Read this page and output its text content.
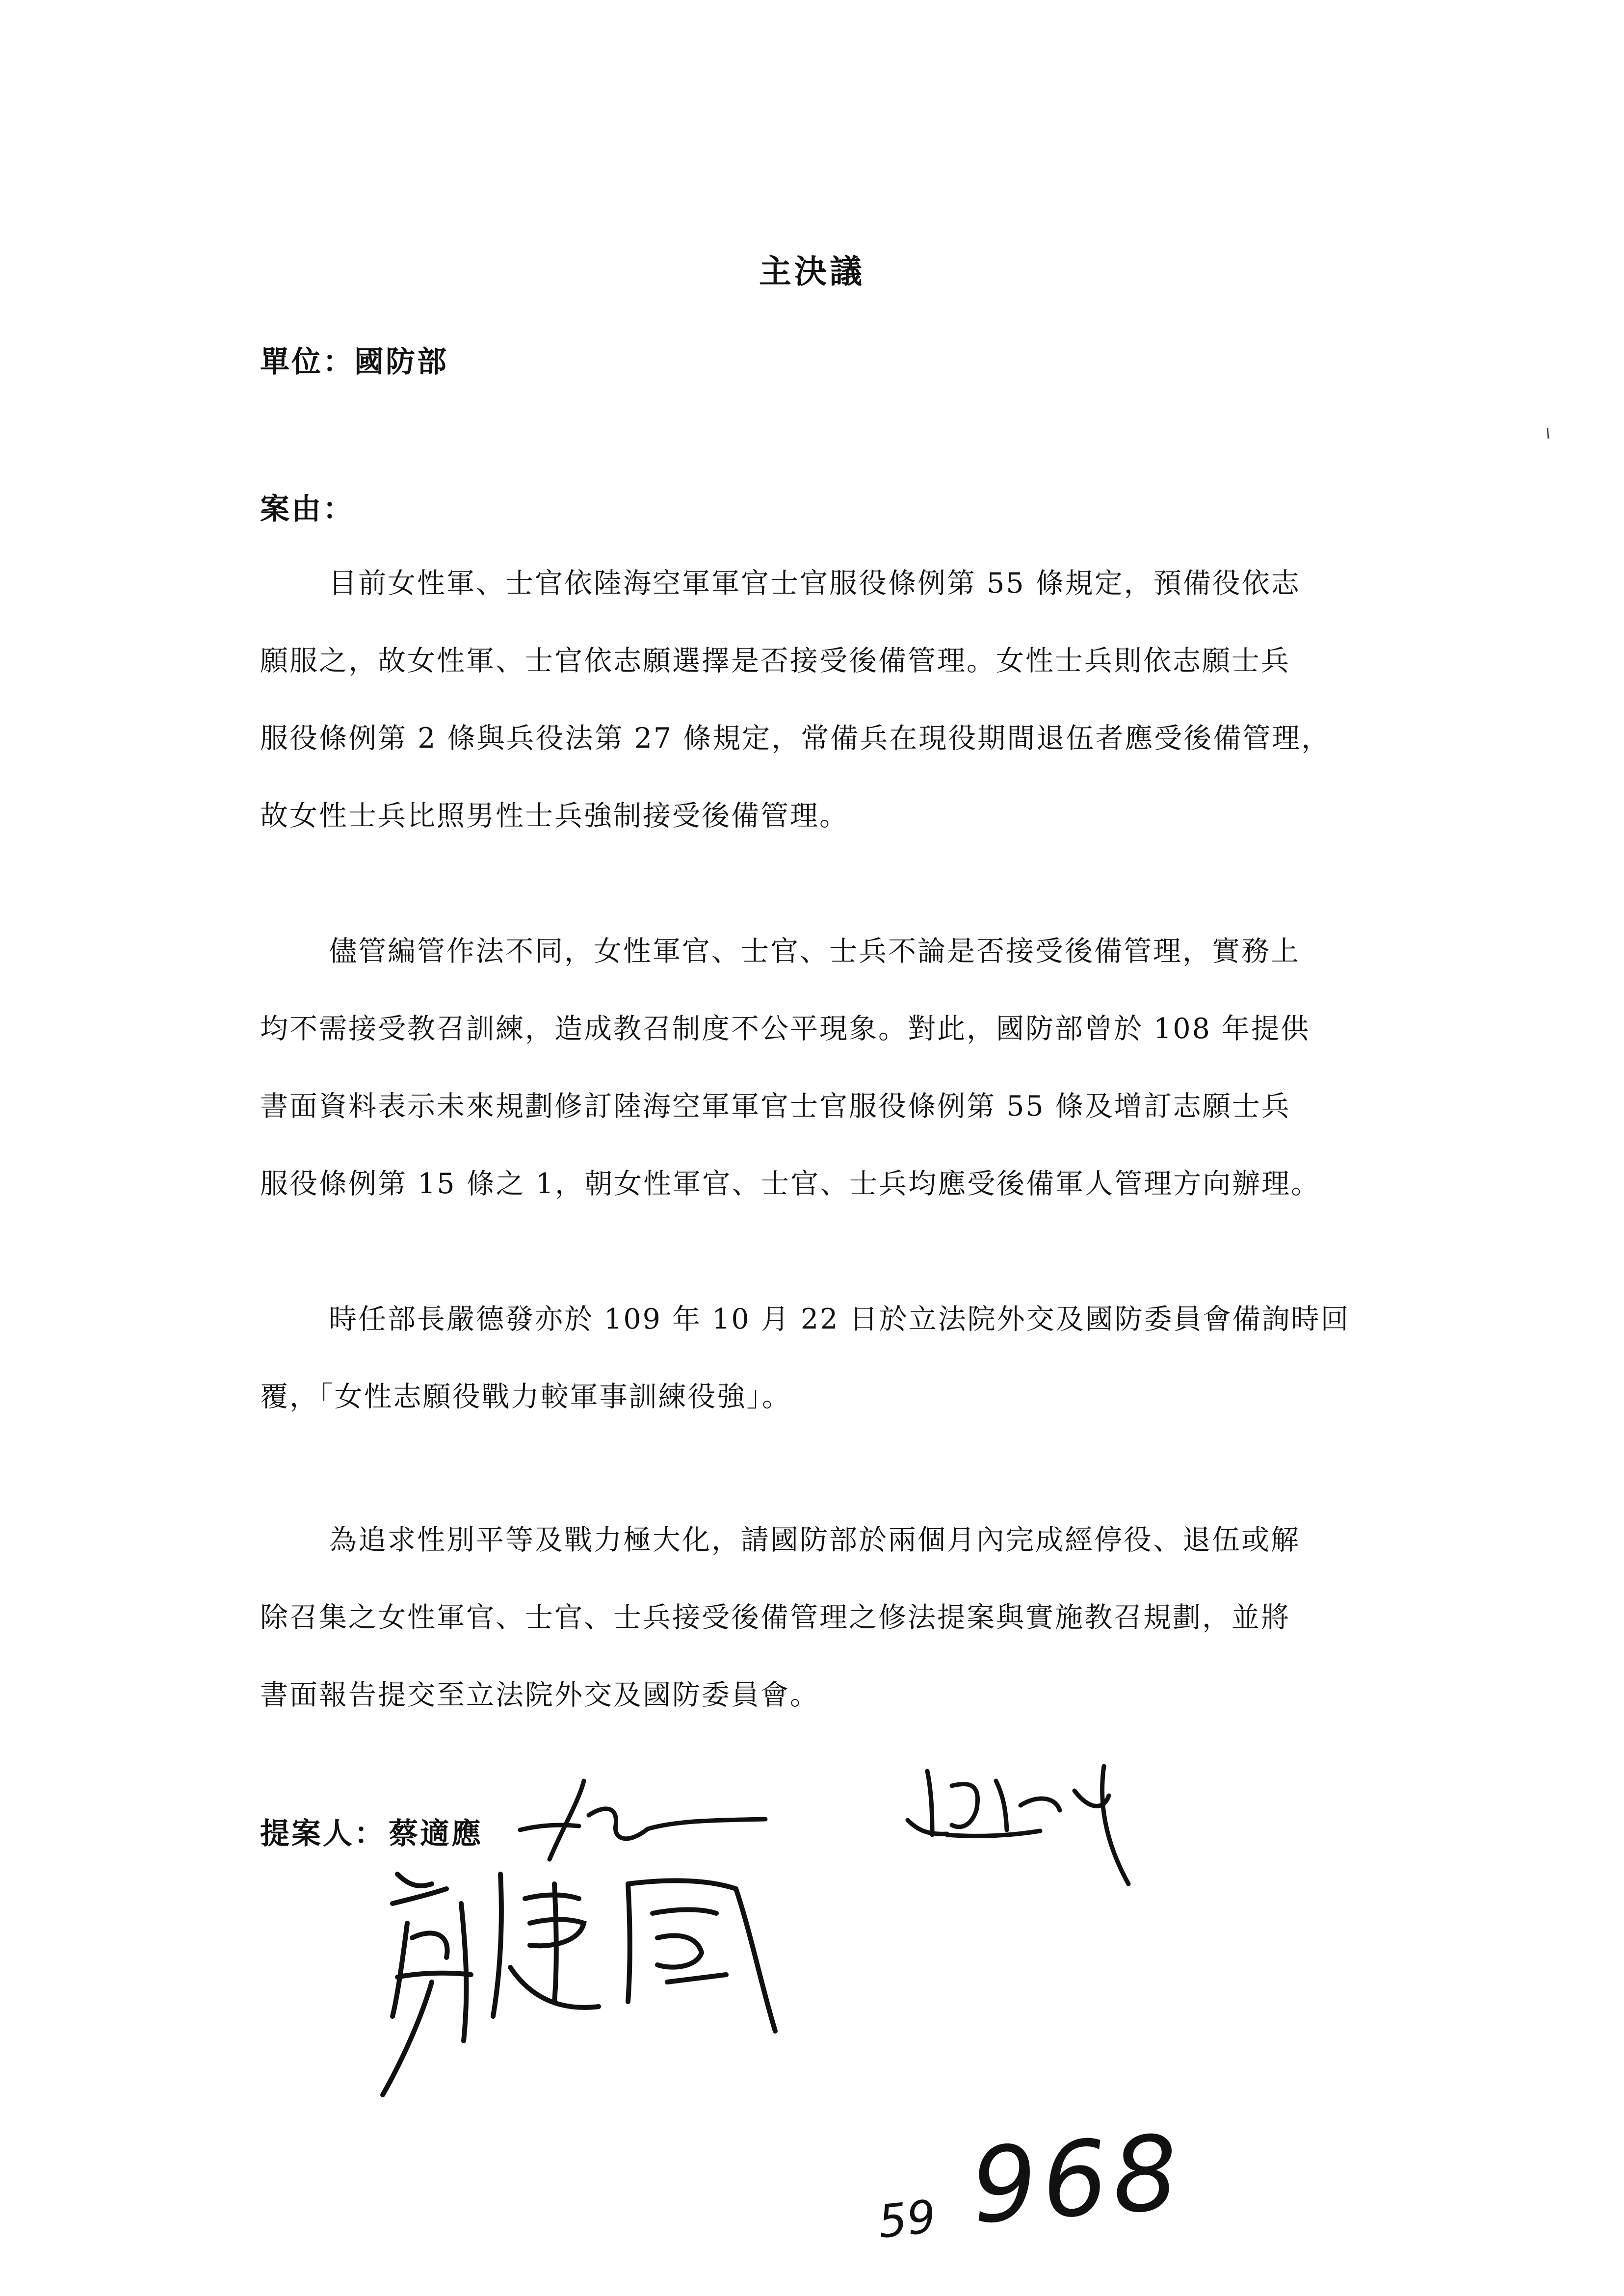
主決議
單位：國防部
案由：
目前女性軍、士官依陸海空軍軍官士官服役條例第 55 條規定，預備役依志
願服之，故女性軍、士官依志願選擇是否接受後備管理。女性士兵則依志願士兵
服役條例第 2 條與兵役法第 27 條規定，常備兵在現役期間退伍者應受後備管理，
故女性士兵比照男性士兵強制接受後備管理。
儘管編管作法不同，女性軍官、士官、士兵不論是否接受後備管理，實務上
均不需接受教召訓練，造成教召制度不公平現象。對此，國防部曾於 108 年提供
書面資料表示未來規劃修訂陸海空軍軍官士官服役條例第 55 條及增訂志願士兵
服役條例第 15 條之 1，朝女性軍官、士官、士兵均應受後備軍人管理方向辦理。
時任部長嚴德發亦於 109 年 10 月 22 日於立法院外交及國防委員會備詢時回
覆，「女性志願役戰力較軍事訓練役強」。
為追求性別平等及戰力極大化，請國防部於兩個月內完成經停役、退伍或解
除召集之女性軍官、士官、士兵接受後備管理之修法提案與實施教召規劃，並將
書面報告提交至立法院外交及國防委員會。
提案人： 蔡適應
59 968
